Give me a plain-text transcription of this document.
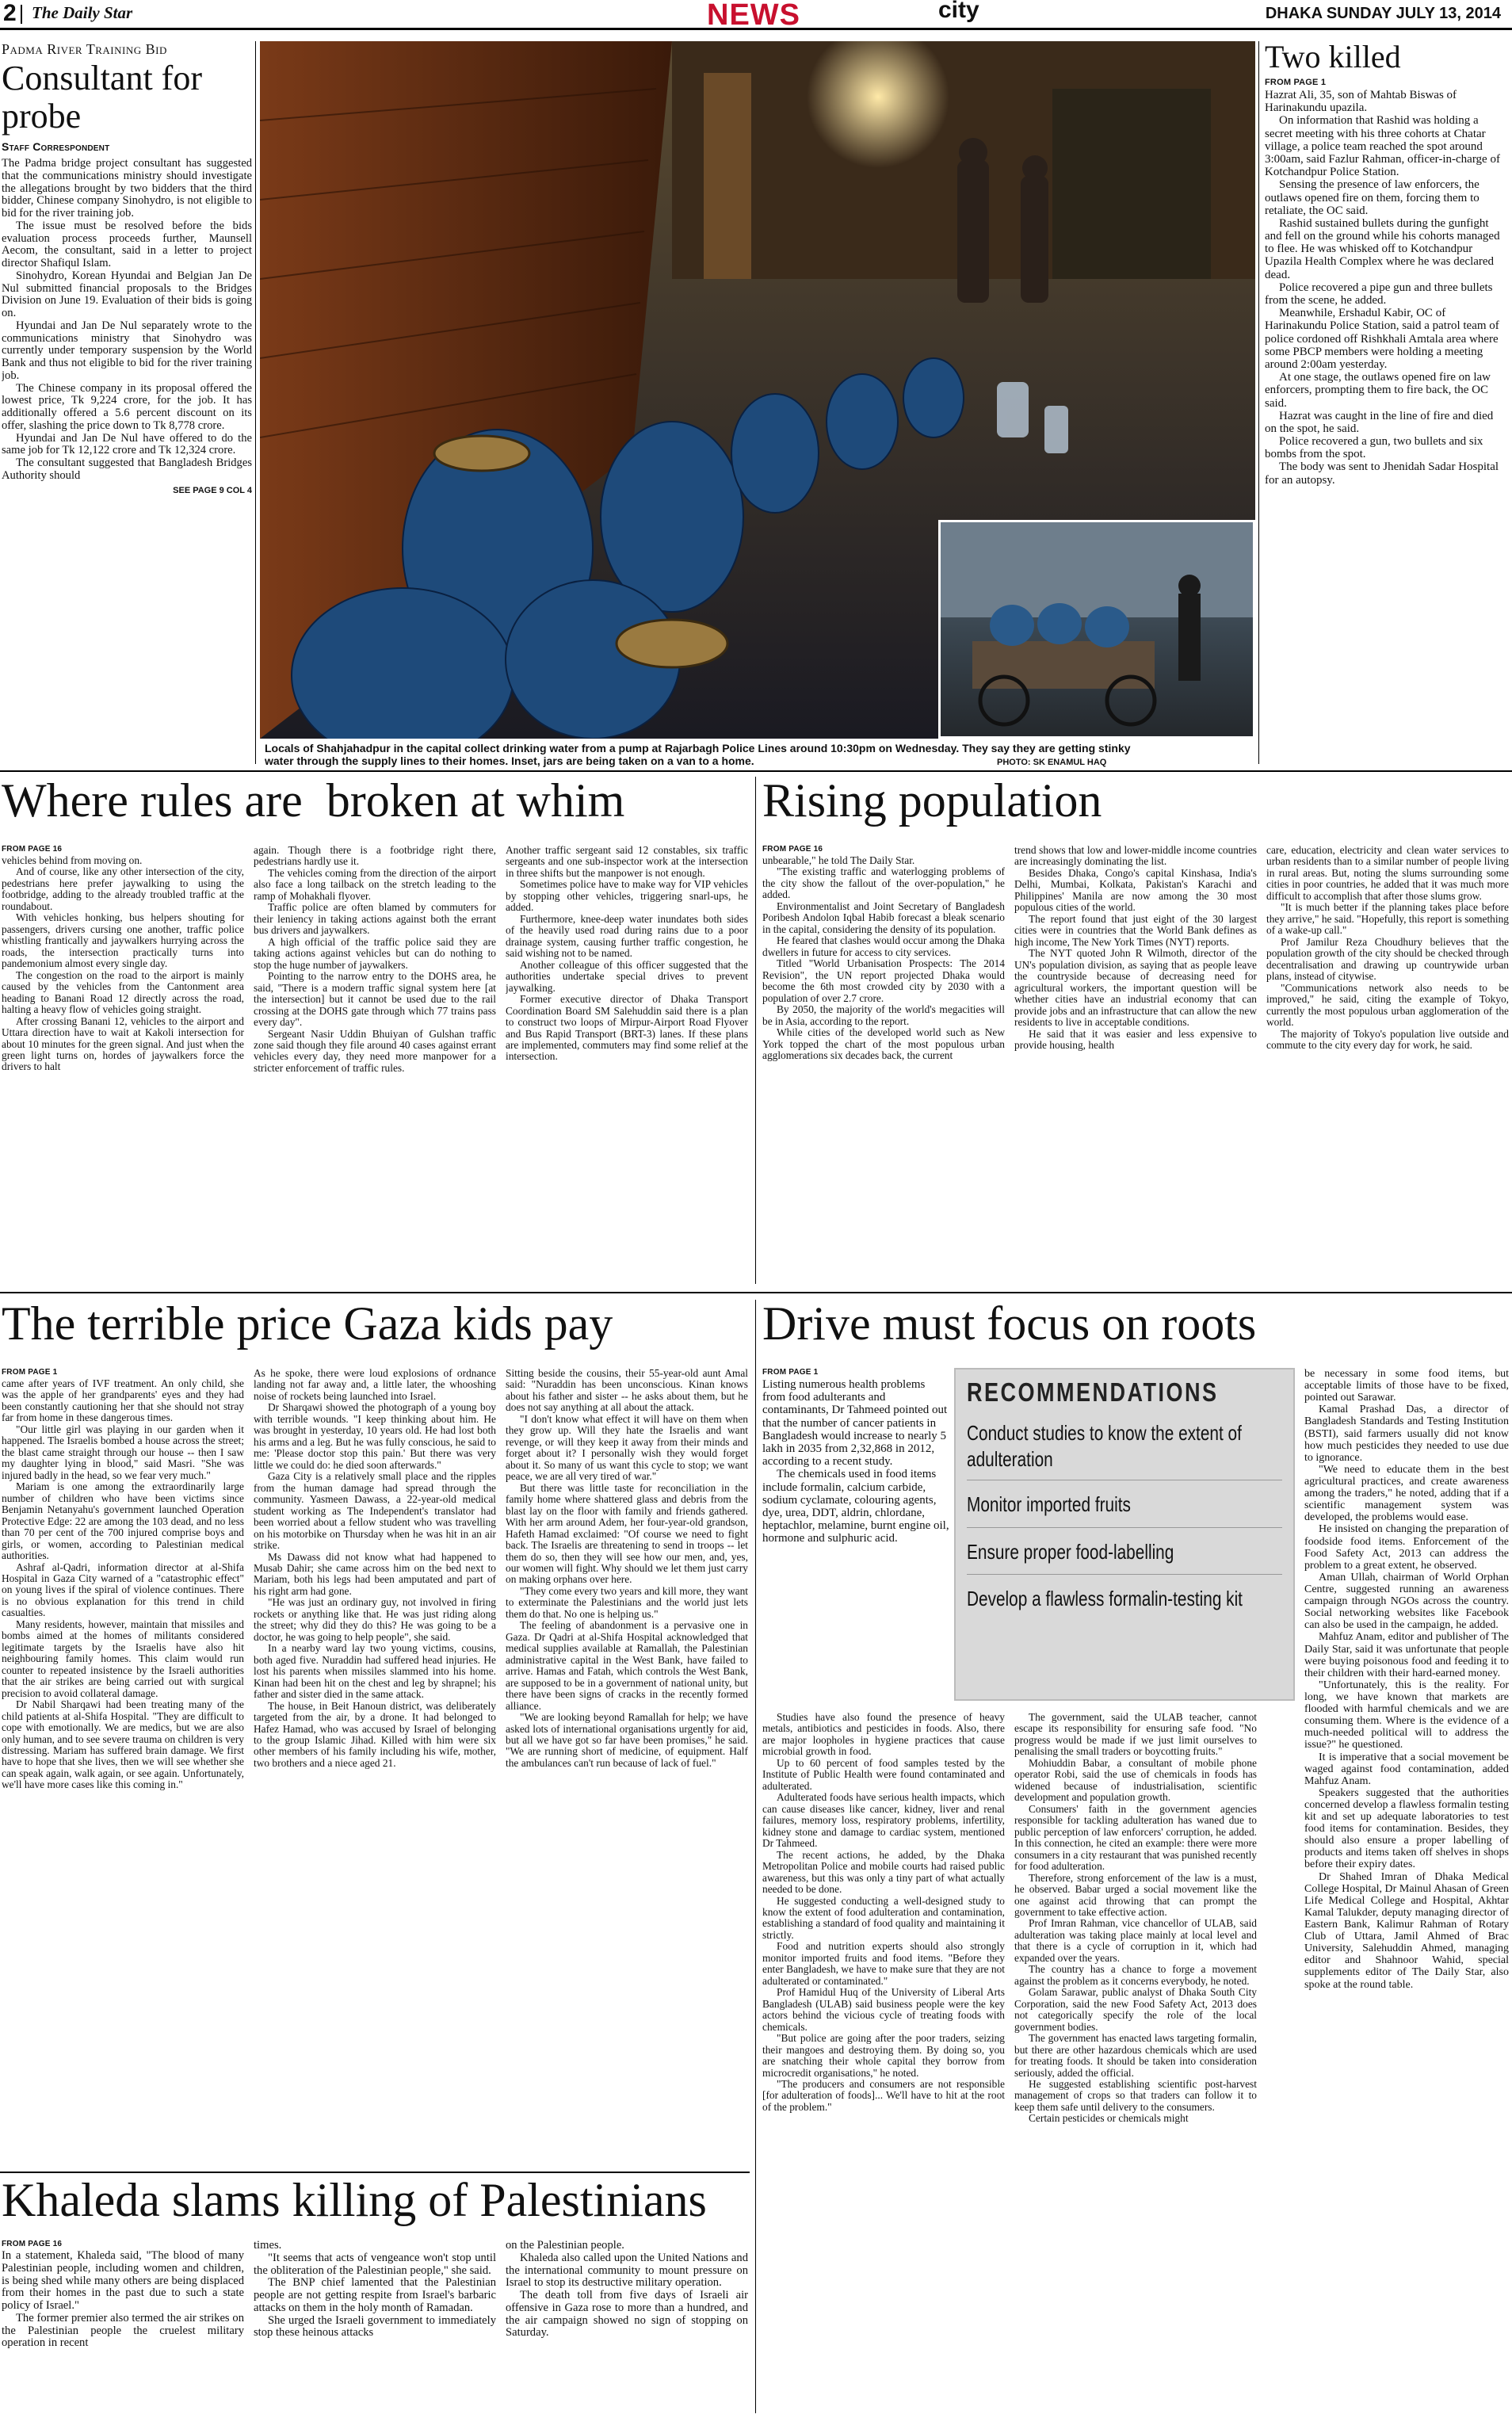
2 The Daily Star	NEWS	city	DHAKA SUNDAY JULY 13, 2014
Padma River Training Bid
Consultant for probe
Staff Correspondent

The Padma bridge project consultant has suggested that the communications ministry should investigate the allegations brought by two bidders that the third bidder, Chinese company Sinohydro, is not eligible to bid for the river training job.

The issue must be resolved before the bids evaluation process proceeds further, Maunsell Aecom, the consultant, said in a letter to project director Shafiqul Islam.

Sinohydro, Korean Hyundai and Belgian Jan De Nul submitted financial proposals to the Bridges Division on June 19. Evaluation of their bids is going on.

Hyundai and Jan De Nul separately wrote to the communications ministry that Sinohydro was currently under temporary suspension by the World Bank and thus not eligible to bid for the river training job.

The Chinese company in its proposal offered the lowest price, Tk 9,224 crore, for the job. It has additionally offered a 5.6 percent discount on its offer, slashing the price down to Tk 8,778 crore.

Hyundai and Jan De Nul have offered to do the same job for Tk 12,122 crore and Tk 12,324 crore.

The consultant suggested that Bangladesh Bridges Authority should

SEE PAGE 9 COL 4
Locals of Shahjahadpur in the capital collect drinking water from a pump at Rajarbagh Police Lines around 10:30pm on Wednesday. They say they are getting stinky water through the supply lines to their homes. Inset, jars are being taken on a van to a home.	PHOTO: SK ENAMUL HAQ
Two killed
FROM PAGE 1

Hazrat Ali, 35, son of Mahtab Biswas of Harinakundu upazila.

On information that Rashid was holding a secret meeting with his three cohorts at Chatar village, a police team reached the spot around 3:00am, said Fazlur Rahman, officer-in-charge of Kotchandpur Police Station.

Sensing the presence of law enforcers, the outlaws opened fire on them, forcing them to retaliate, the OC said.

Rashid sustained bullets during the gunfight and fell on the ground while his cohorts managed to flee. He was whisked off to Kotchandpur Upazila Health Complex where he was declared dead.

Police recovered a pipe gun and three bullets from the scene, he added.

Meanwhile, Ershadul Kabir, OC of Harinakundu Police Station, said a patrol team of police cordoned off Rishkhali Amtala area where some PBCP members were holding a meeting around 2:00am yesterday.

At one stage, the outlaws opened fire on law enforcers, prompting them to fire back, the OC said.

Hazrat was caught in the line of fire and died on the spot, he said.

Police recovered a gun, two bullets and six bombs from the spot.

The body was sent to Jhenidah Sadar Hospital for an autopsy.

Where rules are  broken at whim
FROM PAGE 16

vehicles behind from moving on.

And of course, like any other intersection of the city, pedestrians here prefer jaywalking to using the footbridge, adding to the already troubled traffic at the roundabout.

With vehicles honking, bus helpers shouting for passengers, drivers cursing one another, traffic police whistling frantically and jaywalkers hurrying across the roads, the intersection practically turns into pandemonium almost every single day.

The congestion on the road to the airport is mainly caused by the vehicles from the Cantonment area heading to Banani Road 12 directly across the road, halting a heavy flow of vehicles going straight.

After crossing Banani 12, vehicles to the airport and Uttara direction have to wait at Kakoli intersection for about 10 minutes for the green signal. And just when the green light turns on, hordes of jaywalkers force the drivers to halt

again. Though there is a footbridge right there, pedestrians hardly use it.

The vehicles coming from the direction of the airport also face a long tailback on the stretch leading to the ramp of Mohakhali flyover.

Traffic police are often blamed by commuters for their leniency in taking actions against both the errant bus drivers and jaywalkers.

A high official of the traffic police said they are taking actions against vehicles but can do nothing to stop the huge number of jaywalkers.

Pointing to the narrow entry to the DOHS area, he said, "There is a modern traffic signal system here [at the intersection] but it cannot be used due to the rail crossing at the DOHS gate through which 77 trains pass every day".

Sergeant Nasir Uddin Bhuiyan of Gulshan traffic zone said though they file around 40 cases against errant vehicles every day, they need more manpower for a stricter enforcement of traffic rules.

Another traffic sergeant said 12 constables, six traffic sergeants and one sub-inspector work at the intersection in three shifts but the manpower is not enough.

Sometimes police have to make way for VIP vehicles by stopping other vehicles, triggering snarl-ups, he added.

Furthermore, knee-deep water inundates both sides of the heavily used road during rains due to a poor drainage system, causing further traffic congestion, he said wishing not to be named.

Another colleague of this officer suggested that the authorities undertake special drives to prevent jaywalking.

Former executive director of Dhaka Transport Coordination Board SM Salehuddin said there is a plan to construct two loops of Mirpur-Airport Road Flyover and Bus Rapid Transport (BRT-3) lanes. If these plans are implemented, commuters may find some relief at the intersection.

Rising population
FROM PAGE 16

unbearable," he told The Daily Star.

"The existing traffic and waterlogging problems of the city show the fallout of the over-population," he added.

Environmentalist and Joint Secretary of Bangladesh Poribesh Andolon Iqbal Habib forecast a bleak scenario in the capital, considering the density of its population.

He feared that clashes would occur among the Dhaka dwellers in future for access to city services.

Titled "World Urbanisation Prospects: The 2014 Revision", the UN report projected Dhaka would become the 6th most crowded city by 2030 with a population of over 2.7 crore.

By 2050, the majority of the world's megacities will be in Asia, according to the report.

While cities of the developed world such as New York topped the chart of the most populous urban agglomerations six decades back, the current

trend shows that low and lower-middle income countries are increasingly dominating the list.

Besides Dhaka, Congo's capital Kinshasa, India's Delhi, Mumbai, Kolkata, Pakistan's Karachi and Philippines' Manila are now among the 30 most populous cities of the world.

The report found that just eight of the 30 largest cities were in countries that the World Bank defines as high income, The New York Times (NYT) reports.

The NYT quoted John R Wilmoth, director of the UN's population division, as saying that as people leave the countryside because of decreasing need for agricultural workers, the important question will be whether cities have an industrial economy that can provide jobs and an infrastructure that can allow the new residents to live in acceptable conditions.

He said that it was easier and less expensive to provide housing, health

care, education, electricity and clean water services to urban residents than to a similar number of people living in rural areas. But, noting the slums surrounding some cities in poor countries, he added that it was much more difficult to accomplish that after those slums grow.

"It is much better if the planning takes place before they arrive," he said. "Hopefully, this report is something of a wake-up call."

Prof Jamilur Reza Choudhury believes that the population growth of the city should be checked through decentralisation and drawing up countrywide urban plans, instead of citywise.

"Communications network also needs to be improved," he said, citing the example of Tokyo, currently the most populous urban agglomeration of the world.

The majority of Tokyo's population live outside and commute to the city every day for work, he said.

The terrible price Gaza kids pay
FROM PAGE 1

came after years of IVF treatment. An only child, she was the apple of her grandparents' eyes and they had been constantly cautioning her that she should not stray far from home in these dangerous times.

"Our little girl was playing in our garden when it happened. The Israelis bombed a house across the street; the blast came straight through our house -- then I saw my daughter lying in blood," said Masri. "She was injured badly in the head, so we fear very much."

Mariam is one among the extraordinarily large number of children who have been victims since Benjamin Netanyahu's government launched Operation Protective Edge: 22 are among the 103 dead, and no less than 70 per cent of the 700 injured comprise boys and girls, or women, according to Palestinian medical authorities.

Ashraf al-Qadri, information director at al-Shifa Hospital in Gaza City warned of a "catastrophic effect" on young lives if the spiral of violence continues. There is no obvious explanation for this trend in child casualties.

Many residents, however, maintain that missiles and bombs aimed at the homes of militants considered legitimate targets by the Israelis have also hit neighbouring family homes. This claim would run counter to repeated insistence by the Israeli authorities that the air strikes are being carried out with surgical precision to avoid collateral damage.

Dr Nabil Sharqawi had been treating many of the child patients at al-Shifa Hospital. "They are difficult to cope with emotionally. We are medics, but we are also only human, and to see severe trauma on children is very distressing. Mariam has suffered brain damage. We first have to hope that she lives, then we will see whether she can speak again, walk again, or see again. Unfortunately, we'll have more cases like this coming in."

As he spoke, there were loud explosions of ordnance landing not far away and, a little later, the whooshing noise of rockets being launched into Israel.

Dr Sharqawi showed the photograph of a young boy with terrible wounds. "I keep thinking about him. He was brought in yesterday, 10 years old. He had lost both his arms and a leg. But he was fully conscious, he said to me: 'Please doctor stop this pain.' But there was very little we could do: he died soon afterwards."

Gaza City is a relatively small place and the ripples from the human damage had spread through the community. Yasmeen Dawass, a 22-year-old medical student working as The Independent's translator had been worried about a fellow student who was travelling on his motorbike on Thursday when he was hit in an air strike.

Ms Dawass did not know what had happened to Musab Dahir; she came across him on the bed next to Mariam, both his legs had been amputated and part of his right arm had gone.

"He was just an ordinary guy, not involved in firing rockets or anything like that. He was just riding along the street; why did they do this? He was going to be a doctor, he was going to help people", she said.

In a nearby ward lay two young victims, cousins, both aged five. Nuraddin had suffered head injuries. He lost his parents when missiles slammed into his home. Kinan had been hit on the chest and leg by shrapnel; his father and sister died in the same attack.

The house, in Beit Hanoun district, was deliberately targeted from the air, by a drone. It had belonged to Hafez Hamad, who was accused by Israel of belonging to the group Islamic Jihad. Killed with him were six other members of his family including his wife, mother, two brothers and a niece aged 21.

Sitting beside the cousins, their 55-year-old aunt Amal said: "Nuraddin has been unconscious. Kinan knows about his father and sister -- he asks about them, but he does not say anything at all about the attack.

"I don't know what effect it will have on them when they grow up. Will they hate the Israelis and want revenge, or will they keep it away from their minds and forget about it? I personally wish they would forget about it. So many of us want this cycle to stop; we want peace, we are all very tired of war."

But there was little taste for reconciliation in the family home where shattered glass and debris from the blast lay on the floor with family and friends gathered. With her arm around Adem, her four-year-old grandson, Hafeth Hamad exclaimed: "Of course we need to fight back. The Israelis are threatening to send in troops -- let them do so, then they will see how our men, and, yes, our women will fight. Why should we let them just carry on making orphans over here.

"They come every two years and kill more, they want to exterminate the Palestinians and the world just lets them do that. No one is helping us."

The feeling of abandonment is a pervasive one in Gaza. Dr Qadri at al-Shifa Hospital acknowledged that medical supplies available at Ramallah, the Palestinian administrative capital in the West Bank, have failed to arrive. Hamas and Fatah, which controls the West Bank, are supposed to be in a government of national unity, but there have been signs of cracks in the recently formed alliance.

"We are looking beyond Ramallah for help; we have asked lots of international organisations urgently for aid, but all we have got so far have been promises," he said. "We are running short of medicine, of equipment. Half the ambulances can't run because of lack of fuel."

Khaleda slams killing of Palestinians
FROM PAGE 16

In a statement, Khaleda said, "The blood of many Palestinian people, including women and children, is being shed while many others are being displaced from their homes in the past due to such a state policy of Israel."

The former premier also termed the air strikes on the Palestinian people the cruelest military operation in recent

times.

"It seems that acts of vengeance won't stop until the obliteration of the Palestinian people," she said.

The BNP chief lamented that the Palestinian people are not getting respite from Israel's barbaric attacks on them in the holy month of Ramadan.

She urged the Israeli government to immediately stop these heinous attacks

on the Palestinian people.

Khaleda also called upon the United Nations and the international community to mount pressure on Israel to stop its destructive military operation.

The death toll from five days of Israeli air offensive in Gaza rose to more than a hundred, and the air campaign showed no sign of stopping on Saturday.

Drive must focus on roots
FROM PAGE 1

Listing numerous health problems from food adulterants and contaminants, Dr Tahmeed pointed out that the number of cancer patients in Bangladesh would increase to nearly 5 lakh in 2035 from 2,32,868 in 2012, according to a recent study.

The chemicals used in food items include formalin, calcium carbide, sodium cyclamate, colouring agents, dye, urea, DDT, aldrin, chlordane, heptachlor, melamine, burnt engine oil, hormone and sulphuric acid.

RECOMMENDATIONS
Conduct studies to know the extent of adulteration
Monitor imported fruits
Ensure proper food-labelling
Develop a flawless formalin-testing kit

Studies have also found the presence of heavy metals, antibiotics and pesticides in foods. Also, there are major loopholes in hygiene practices that cause microbial growth in food.

Up to 60 percent of food samples tested by the Institute of Public Health were found contaminated and adulterated.

Adulterated foods have serious health impacts, which can cause diseases like cancer, kidney, liver and renal failures, memory loss, respiratory problems, infertility, kidney stone and damage to cardiac system, mentioned Dr Tahmeed.

The recent actions, he added, by the Dhaka Metropolitan Police and mobile courts had raised public awareness, but this was only a tiny part of what actually needed to be done.

He suggested conducting a well-designed study to know the extent of food adulteration and contamination, establishing a standard of food quality and maintaining it strictly.

Food and nutrition experts should also strongly monitor imported fruits and food items. "Before they enter Bangladesh, we have to make sure that they are not adulterated or contaminated."

Prof Hamidul Huq of the University of Liberal Arts Bangladesh (ULAB) said business people were the key actors behind the vicious cycle of treating foods with chemicals.

"But police are going after the poor traders, seizing their mangoes and destroying them. By doing so, you are snatching their whole capital they borrow from microcredit organisations," he noted.

"The producers and consumers are not responsible [for adulteration of foods]... We'll have to hit at the root of the problem."

The government, said the ULAB teacher, cannot escape its responsibility for ensuring safe food. "No progress would be made if we just limit ourselves to penalising the small traders or boycotting fruits."

Mohiuddin Babar, a consultant of mobile phone operator Robi, said the use of chemicals in foods has widened because of industrialisation, scientific development and population growth.

Consumers' faith in the government agencies responsible for tackling adulteration has waned due to public perception of law enforcers' corruption, he added. In this connection, he cited an example: there were more consumers in a city restaurant that was punished recently for food adulteration.

Therefore, strong enforcement of the law is a must, he observed. Babar urged a social movement like the one against acid throwing that can prompt the government to take effective action.

Prof Imran Rahman, vice chancellor of ULAB, said adulteration was taking place mainly at local level and that there is a cycle of corruption in it, which had expanded over the years.

The country has a chance to forge a movement against the problem as it concerns everybody, he noted.

Golam Sarawar, public analyst of Dhaka South City Corporation, said the new Food Safety Act, 2013 does not categorically specify the role of the local government bodies.

The government has enacted laws targeting formalin, but there are other hazardous chemicals which are used for treating foods. It should be taken into consideration seriously, added the official.

He suggested establishing scientific post-harvest management of crops so that traders can follow it to keep them safe until delivery to the consumers.

Certain pesticides or chemicals might

be necessary in some food items, but acceptable limits of those have to be fixed, pointed out Sarawar.

Kamal Prashad Das, a director of Bangladesh Standards and Testing Institution (BSTI), said farmers usually did not know how much pesticides they needed to use due to ignorance.

"We need to educate them in the best agricultural practices, and create awareness among the traders," he noted, adding that if a scientific management system was developed, the problems would ease.

He insisted on changing the preparation of foodside food items. Enforcement of the Food Safety Act, 2013 can address the problem to a great extent, he observed.

Aman Ullah, chairman of World Orphan Centre, suggested running an awareness campaign through NGOs across the country. Social networking websites like Facebook can also be used in the campaign, he added.

Mahfuz Anam, editor and publisher of The Daily Star, said it was unfortunate that people were buying poisonous food and feeding it to their children with their hard-earned money.

"Unfortunately, this is the reality. For long, we have known that markets are flooded with harmful chemicals and we are consuming them. Where is the evidence of a much-needed political will to address the issue?" he questioned.

It is imperative that a social movement be waged against food contamination, added Mahfuz Anam.

Speakers suggested that the authorities concerned develop a flawless formalin testing kit and set up adequate laboratories to test food items for contamination. Besides, they should also ensure a proper labelling of products and items taken off shelves in shops before their expiry dates.

Dr Shahed Imran of Dhaka Medical College Hospital, Dr Mainul Ahasan of Green Life Medical College and Hospital, Akhtar Kamal Talukder, deputy managing director of Eastern Bank, Kalimur Rahman of Rotary Club of Uttara, Jamil Ahmed of Brac University, Salehuddin Ahmed, managing editor and Shahnoor Wahid, special supplements editor of The Daily Star, also spoke at the round table.
